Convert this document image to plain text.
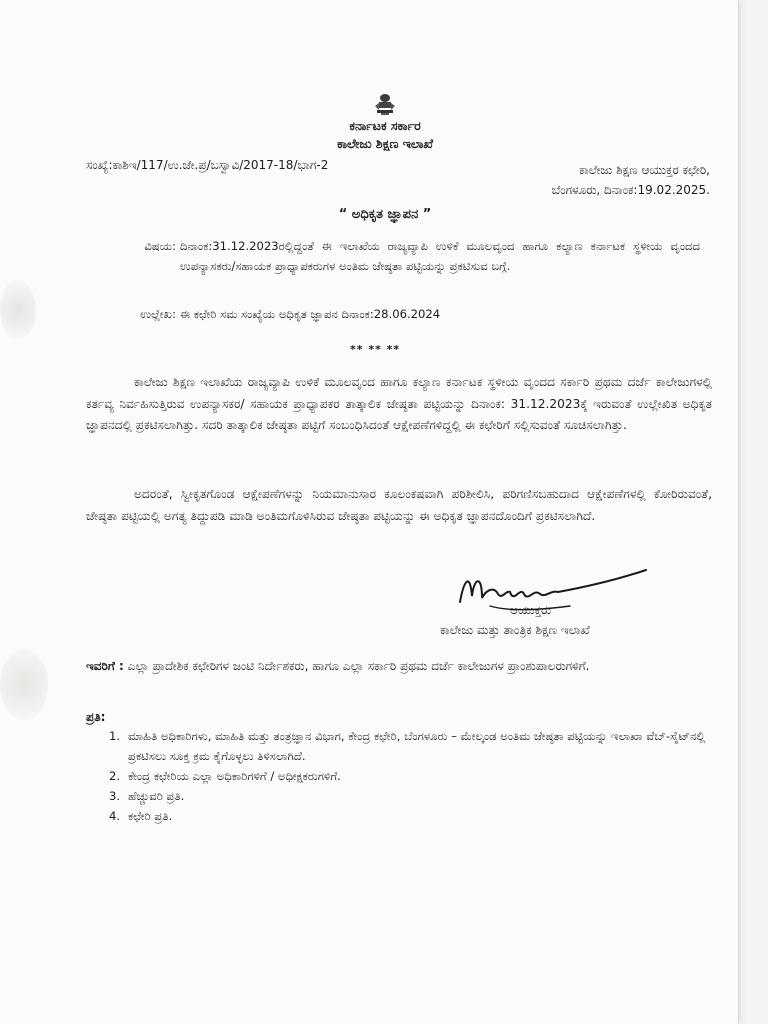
ಕರ್ನಾಟಕ ಸರ್ಕಾರ
ಕಾಲೇಜು ಶಿಕ್ಷಣ ಇಲಾಖೆ
ಸಂಖ್ಯೆ:ಕಾಶಿಇ/117/ಉ.ಜೇ.ಪ್ರ/ಬಸ್ವಾವಿ/2017-18/ಭಾಗ-2	ಕಾಲೇಜು ಶಿಕ್ಷಣ ಆಯುಕ್ತರ ಕಛೇರಿ,
ಬೆಂಗಳೂರು, ದಿನಾಂಕ:19.02.2025.
“ ಅಧಿಕೃತ ಜ್ಞಾಪನ ”
ವಿಷಯ: ದಿನಾಂಕ:31.12.2023ರಲ್ಲಿದ್ದಂತೆ ಈ ಇಲಾಖೆಯ ರಾಜ್ಯವ್ಯಾಪಿ ಉಳಿಕೆ ಮೂಲವೃಂದ ಹಾಗೂ ಕಲ್ಯಾಣ ಕರ್ನಾಟಕ ಸ್ಥಳೀಯ ವೃಂದದ ಉಪನ್ಯಾಸಕರು/ಸಹಾಯಕ ಪ್ರಾಧ್ಯಾಪಕರುಗಳ ಅಂತಿಮ ಜೇಷ್ಠತಾ ಪಟ್ಟಿಯನ್ನು ಪ್ರಕಟಿಸುವ ಬಗ್ಗೆ.
ಉಲ್ಲೇಖ: ಈ ಕಛೇರಿ ಸಮ ಸಂಖ್ಯೆಯ ಅಧಿಕೃತ ಜ್ಞಾಪನ ದಿನಾಂಕ:28.06.2024
** ** **

ಕಾಲೇಜು ಶಿಕ್ಷಣ ಇಲಾಖೆಯ ರಾಜ್ಯವ್ಯಾಪಿ ಉಳಿಕೆ ಮೂಲವೃಂದ ಹಾಗೂ ಕಲ್ಯಾಣ ಕರ್ನಾಟಕ ಸ್ಥಳೀಯ ವೃಂದದ ಸರ್ಕಾರಿ ಪ್ರಥಮ ದರ್ಜೆ ಕಾಲೇಜುಗಳಲ್ಲಿ ಕರ್ತವ್ಯ ನಿರ್ವಹಿಸುತ್ತಿರುವ ಉಪನ್ಯಾಸಕರ/ ಸಹಾಯಕ ಪ್ರಾಧ್ಯಾಪಕರ ತಾತ್ಕಾಲಿಕ ಜೇಷ್ಠತಾ ಪಟ್ಟಿಯನ್ನು ದಿನಾಂಕ: 31.12.2023ಕ್ಕೆ ಇರುವಂತೆ ಉಲ್ಲೇಖಿತ ಅಧಿಕೃತ ಜ್ಞಾಪನದಲ್ಲಿ ಪ್ರಕಟಿಸಲಾಗಿತ್ತು. ಸದರಿ ತಾತ್ಕಾಲಿಕ ಜೇಷ್ಠತಾ ಪಟ್ಟಿಗೆ ಸಂಬಂಧಿಸಿದಂತೆ ಆಕ್ಷೇಪಣೆಗಳಿದ್ದಲ್ಲಿ ಈ ಕಛೇರಿಗೆ ಸಲ್ಲಿಸುವಂತೆ ಸೂಚಿಸಲಾಗಿತ್ತು.

ಅದರಂತೆ, ಸ್ವೀಕೃತಗೊಂಡ ಆಕ್ಷೇಪಣೆಗಳನ್ನು ನಿಯಮಾನುಸಾರ ಕೂಲಂಕಷವಾಗಿ ಪರಿಶೀಲಿಸಿ, ಪರಿಗಣಿಸಬಹುದಾದ ಆಕ್ಷೇಪಣೆಗಳಲ್ಲಿ ಕೋರಿರುವಂತೆ, ಜೇಷ್ಠತಾ ಪಟ್ಟಿಯಲ್ಲಿ ಅಗತ್ಯ ತಿದ್ದುಪಡಿ ಮಾಡಿ ಅಂತಿಮಗೊಳಿಸಿರುವ ಜೇಷ್ಠತಾ ಪಟ್ಟಿಯನ್ನು ಈ ಅಧಿಕೃತ ಜ್ಞಾಪನದೊಂದಿಗೆ ಪ್ರಕಟಿಸಲಾಗಿದೆ.

ಆಯುಕ್ತರು
ಕಾಲೇಜು ಮತ್ತು ತಾಂತ್ರಿಕ ಶಿಕ್ಷಣ ಇಲಾಖೆ
ಇವರಿಗೆ : ಎಲ್ಲಾ ಪ್ರಾದೇಶಿಕ ಕಛೇರಿಗಳ ಜಂಟಿ ನಿರ್ದೇಶಕರು, ಹಾಗೂ ಎಲ್ಲಾ ಸರ್ಕಾರಿ ಪ್ರಥಮ ದರ್ಜೆ ಕಾಲೇಜುಗಳ ಪ್ರಾಂಶುಪಾಲರುಗಳಿಗೆ.
ಪ್ರತಿ:
1. ಮಾಹಿತಿ ಅಧಿಕಾರಿಗಳು, ಮಾಹಿತಿ ಮತ್ತು ತಂತ್ರಜ್ಞಾನ ವಿಭಾಗ, ಕೇಂದ್ರ ಕಛೇರಿ, ಬೆಂಗಳೂರು – ಮೇಲ್ಕಂಡ ಅಂತಿಮ ಜೇಷ್ಠತಾ ಪಟ್ಟಿಯನ್ನು ಇಲಾಖಾ ವೆಬ್-ಸೈಟ್‌ನಲ್ಲಿ ಪ್ರಕಟಿಸಲು ಸೂಕ್ತ ಕ್ರಮ ಕೈಗೊಳ್ಳಲು ತಿಳಿಸಲಾಗಿದೆ.
2. ಕೇಂದ್ರ ಕಛೇರಿಯ ಎಲ್ಲಾ ಅಧಿಕಾರಿಗಳಿಗೆ / ಅಧೀಕ್ಷಕರುಗಳಿಗೆ.
3. ಹೆಚ್ಚುವರಿ ಪ್ರತಿ.
4. ಕಛೇರಿ ಪ್ರತಿ.
